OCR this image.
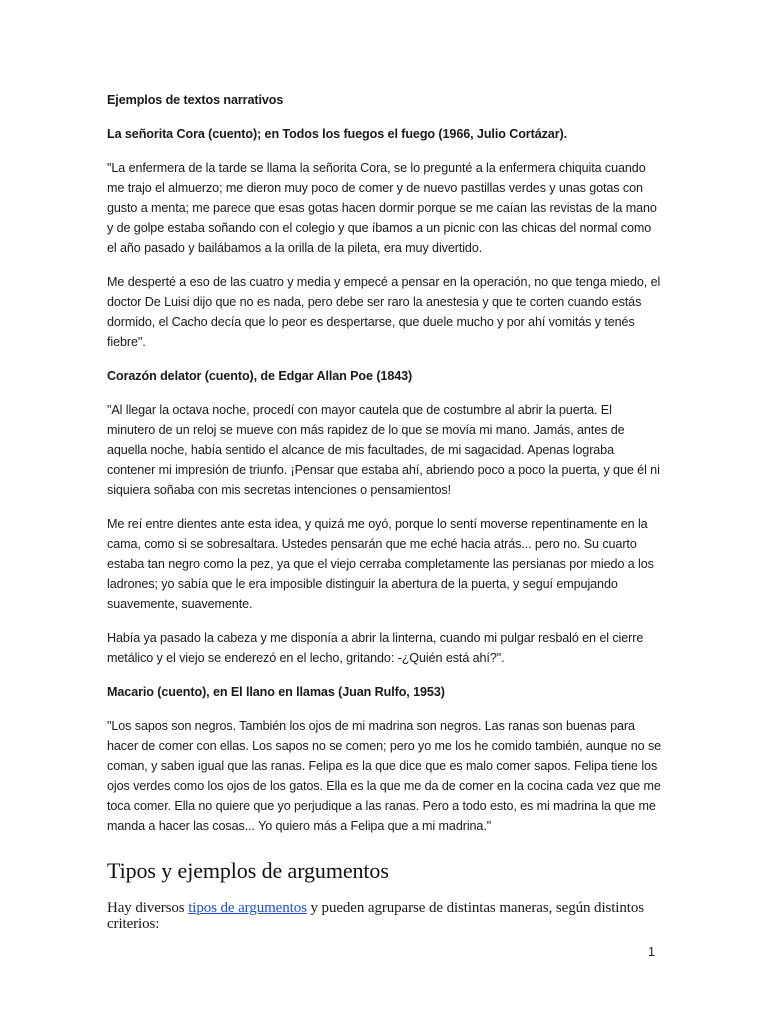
Ejemplos de textos narrativos
La señorita Cora (cuento); en Todos los fuegos el fuego (1966, Julio Cortázar).

"La enfermera de la tarde se llama la señorita Cora, se lo pregunté a la enfermera chiquita cuando me trajo el almuerzo; me dieron muy poco de comer y de nuevo pastillas verdes y unas gotas con gusto a menta; me parece que esas gotas hacen dormir porque se me caían las revistas de la mano y de golpe estaba soñando con el colegio y que íbamos a un picnic con las chicas del normal como el año pasado y bailábamos a la orilla de la pileta, era muy divertido.

Me desperté a eso de las cuatro y media y empecé a pensar en la operación, no que tenga miedo, el doctor De Luisi dijo que no es nada, pero debe ser raro la anestesia y que te corten cuando estás dormido, el Cacho decía que lo peor es despertarse, que duele mucho y por ahí vomitás y tenés fiebre".

Corazón delator (cuento), de Edgar Allan Poe (1843)

"Al llegar la octava noche, procedí con mayor cautela que de costumbre al abrir la puerta. El minutero de un reloj se mueve con más rapidez de lo que se movía mi mano. Jamás, antes de aquella noche, había sentido el alcance de mis facultades, de mi sagacidad. Apenas lograba contener mi impresión de triunfo. ¡Pensar que estaba ahí, abriendo poco a poco la puerta, y que él ni siquiera soñaba con mis secretas intenciones o pensamientos!

Me reí entre dientes ante esta idea, y quizá me oyó, porque lo sentí moverse repentinamente en la cama, como si se sobresaltara. Ustedes pensarán que me eché hacia atrás... pero no. Su cuarto estaba tan negro como la pez, ya que el viejo cerraba completamente las persianas por miedo a los ladrones; yo sabía que le era imposible distinguir la abertura de la puerta, y seguí empujando suavemente, suavemente.

Había ya pasado la cabeza y me disponía a abrir la linterna, cuando mi pulgar resbaló en el cierre metálico y el viejo se enderezó en el lecho, gritando: -¿Quién está ahí?".

Macario (cuento), en El llano en llamas (Juan Rulfo, 1953)

"Los sapos son negros. También los ojos de mi madrina son negros. Las ranas son buenas para hacer de comer con ellas. Los sapos no se comen; pero yo me los he comido también, aunque no se coman, y saben igual que las ranas. Felipa es la que dice que es malo comer sapos. Felipa tiene los ojos verdes como los ojos de los gatos. Ella es la que me da de comer en la cocina cada vez que me toca comer. Ella no quiere que yo perjudique a las ranas. Pero a todo esto, es mi madrina la que me manda a hacer las cosas... Yo quiero más a Felipa que a mi madrina."

Tipos y ejemplos de argumentos

Hay diversos tipos de argumentos y pueden agruparse de distintas maneras, según distintos criterios:

1
